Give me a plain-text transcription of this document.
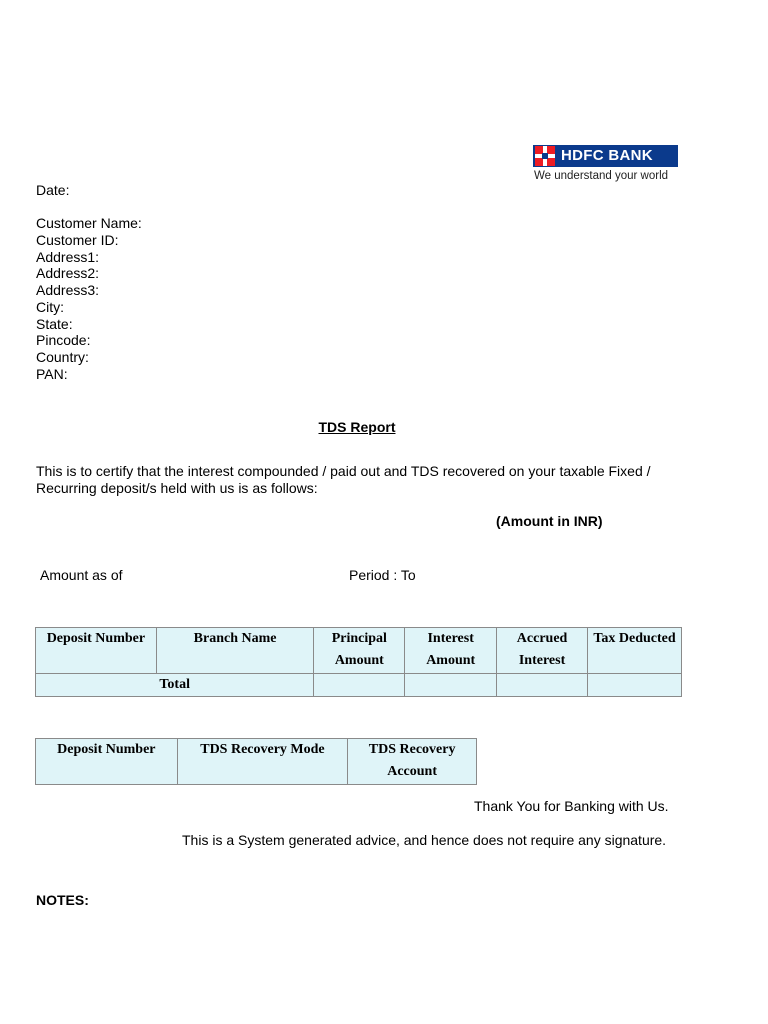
HDFC BANK
We understand your world
Date:
Customer Name:
Customer ID:
Address1:
Address2:
Address3:
City:
State:
Pincode:
Country:
PAN:
TDS Report
This is to certify that the interest compounded / paid out and TDS recovered on your taxable Fixed / Recurring deposit/s held with us is as follows:
(Amount in INR)
Amount as of	Period : To
Deposit Number	Branch Name	Principal Amount	Interest Amount	Accrued Interest	Tax Deducted
Total					
Deposit Number	TDS Recovery Mode	TDS Recovery Account
Thank You for Banking with Us.
This is a System generated advice, and hence does not require any signature.
NOTES:
